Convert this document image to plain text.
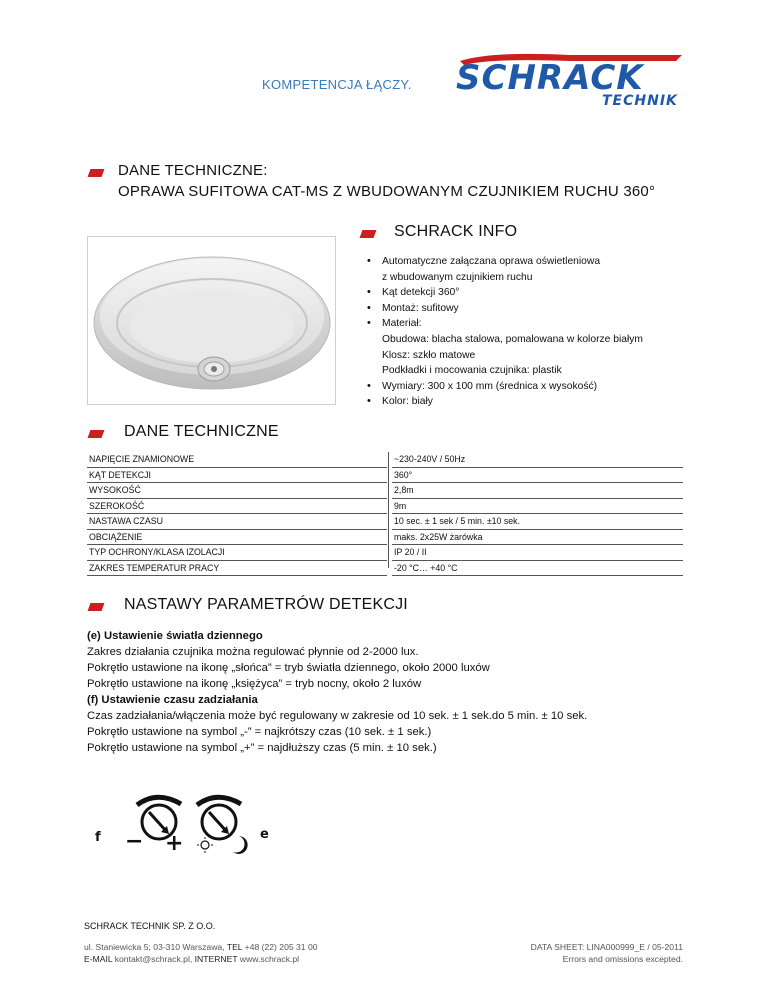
KOMPETENCJA ŁĄCZY. SCHRACK
TECHNIK
DANE TECHNICZNE:
OPRAWA SUFITOWA CAT-MS Z WBUDOWANYM CZUJNIKIEM RUCHU 360°
SCHRACK INFO
• Automatyczne załączana oprawa oświetleniowa
z wbudowanym czujnikiem ruchu
• Kąt detekcji 360°
• Montaż: sufitowy
• Materiał:
Obudowa: blacha stalowa, pomalowana w kolorze białym
Klosz: szkło matowe
Podkładki i mocowania czujnika: plastik
• Wymiary: 300 x 100 mm (średnica x wysokość)
• Kolor: biały
DANE TECHNICZNE
NAPIĘCIE ZNAMIONOWE
KĄT DETEKCJI
WYSOKOŚĆ
SZEROKOŚĆ
NASTAWA CZASU
OBCIĄŻENIE
TYP OCHRONY/KLASA IZOLACJI
ZAKRES TEMPERATUR PRACY
~230-240V / 50Hz
360°
2,8m
9m
10 sec. ± 1 sek / 5 min. ±10 sek.
maks. 2x25W żarówka
IP 20 / II
-20 °C… +40 °C
NASTAWY PARAMETRÓW DETEKCJI
(e) Ustawienie światła dziennego
Zakres działania czujnika można regulować płynnie od 2-2000 lux.
Pokrętło ustawione na ikonę „słońca” = tryb światła dziennego, około 2000 luxów
Pokrętło ustawione na ikonę „księżyca” = tryb nocny, około 2 luxów
(f) Ustawienie czasu zadziałania
Czas zadziałania/włączenia może być regulowany w zakresie od 10 sek. ± 1 sek.do 5 min. ± 10 sek.
Pokrętło ustawione na symbol „-” = najkrótszy czas (10 sek. ± 1 sek.)
Pokrętło ustawione na symbol „+” = najdłuższy czas (5 min. ± 10 sek.)
f	e
− +
SCHRACK TECHNIK SP. Z O.O.
ul. Staniewicka 5; 03-310 Warszawa, TEL +48 (22) 205 31 00
E-MAIL kontakt@schrack.pl, INTERNET www.schrack.pl
DATA SHEET: LINA000999_E / 05-2011
Errors and omissions excepted.
